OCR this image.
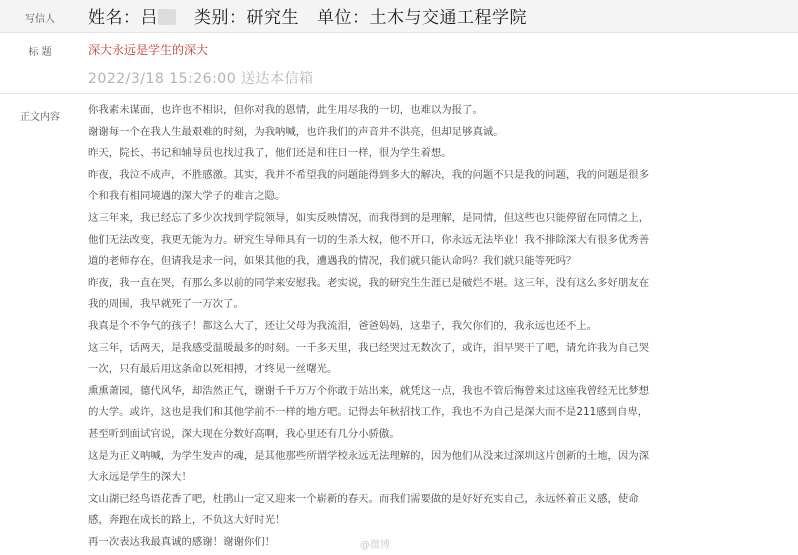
写信人	姓名：吕 类别：研究生 单位：土木与交通工程学院
标 题	深大永远是学生的深大
2022/3/18 15:26:00 送达本信箱
正文内容
你我素未谋面，也许也不相识，但你对我的恩情，此生用尽我的一切，也难以为报了。
谢谢每一个在我人生最艰难的时刻，为我呐喊，也许我们的声音并不洪亮，但却足够真诚。
昨天，院长、书记和辅导员也找过我了，他们还是和往日一样，很为学生着想。
昨夜，我泣不成声，不胜感激。其实，我并不希望我的问题能得到多大的解决，我的问题不只是我的问题，我的问题是很多
个和我有相同境遇的深大学子的难言之隐。
这三年来，我已经忘了多少次找到学院领导，如实反映情况，而我得到的是理解，是同情，但这些也只能停留在同情之上，
他们无法改变，我更无能为力。研究生导师具有一切的生杀大权，他不开口，你永远无法毕业！我不排除深大有很多优秀善
道的老师存在，但请我是求一问，如果其他的我，遭遇我的情况，我们就只能认命吗？我们就只能等死吗？
昨夜，我一直在哭，有那么多以前的同学来安慰我。老实说，我的研究生生涯已是破烂不堪。这三年，没有这么多好朋友在
我的周围，我早就死了一万次了。
我真是个不争气的孩子！都这么大了，还让父母为我流泪，爸爸妈妈，这辈子，我欠你们的，我永远也还不上。
这三年，话两天，是我感受温暖最多的时刻。一千多天里，我已经哭过无数次了，或许，泪早哭干了吧，请允许我为自己哭
一次，只有最后用这条命以死相搏，才终见一丝曙光。
熏熏萧园，德代风华，却浩然正气，谢谢千千万万个你敢于站出来，就凭这一点，我也不管后悔曾来过这座我曾经无比梦想
的大学。或许，这也是我们和其他学前不一样的地方吧。记得去年秋招找工作，我也不为自己是深大而不是211感到自卑，
甚至听到面试官说，深大现在分数好高啊，我心里还有几分小骄傲。
这是为正义呐喊，为学生发声的魂，是其他那些所谓学校永远无法理解的，因为他们从没来过深圳这片创新的土地，因为深
大永远是学生的深大！
文山湖已经鸟语花香了吧，杜鹃山一定又迎来一个崭新的春天。而我们需要做的是好好充实自己，永远怀着正义感，使命
感，奔跑在成长的路上，不负这大好时光！
再一次表达我最真诚的感谢！谢谢你们！	@微博
